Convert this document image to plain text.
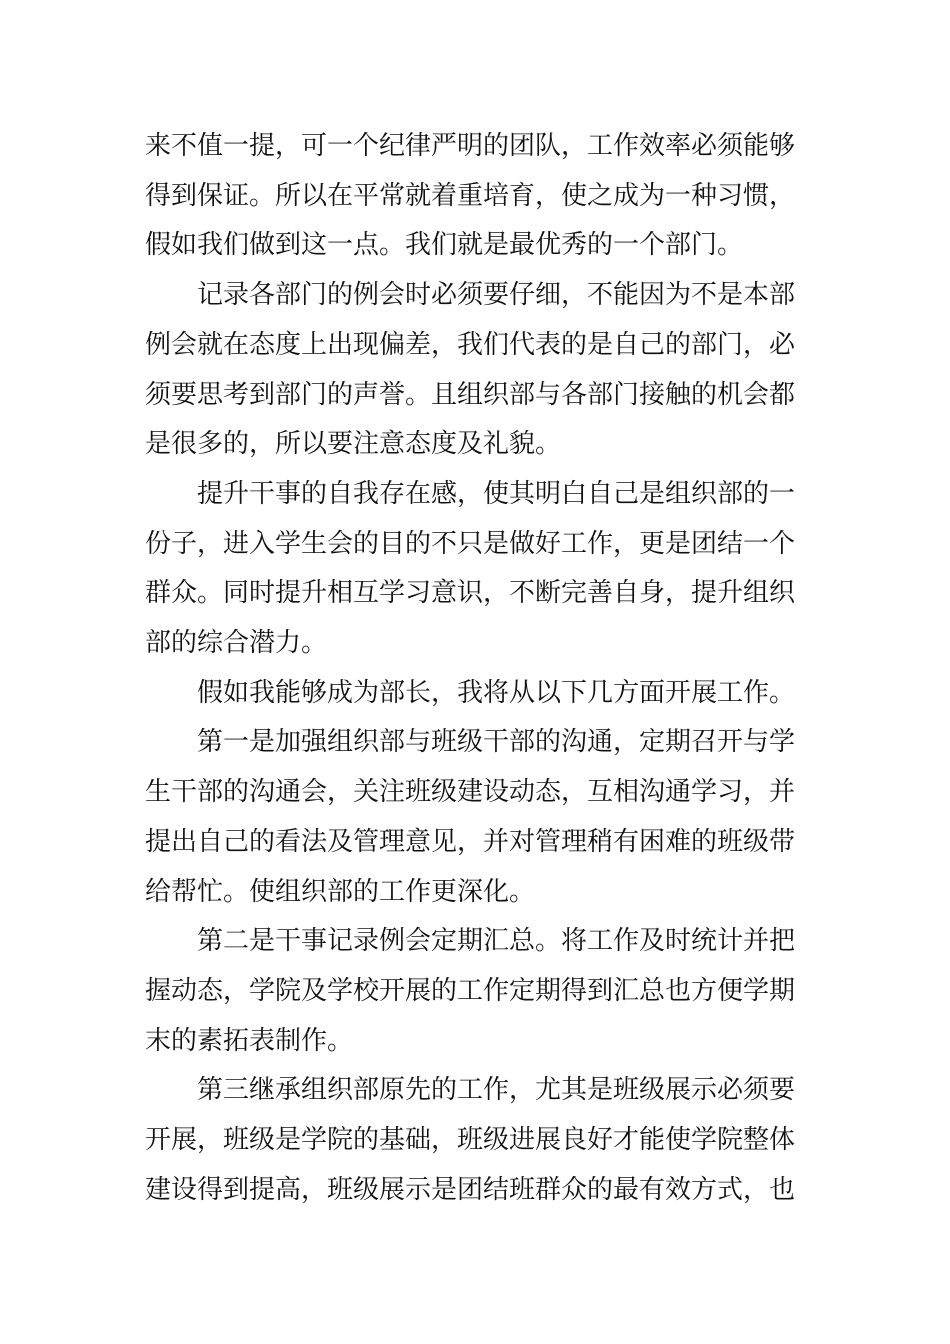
来不值一提，可一个纪律严明的团队，工作效率必须能够
得到保证。所以在平常就着重培育，使之成为一种习惯，
假如我们做到这一点。我们就是最优秀的一个部门。
记录各部门的例会时必须要仔细，不能因为不是本部
例会就在态度上出现偏差，我们代表的是自己的部门，必
须要思考到部门的声誉。且组织部与各部门接触的机会都
是很多的，所以要注意态度及礼貌。
提升干事的自我存在感，使其明白自己是组织部的一
份子，进入学生会的目的不只是做好工作，更是团结一个
群众。同时提升相互学习意识，不断完善自身，提升组织
部的综合潜力。
假如我能够成为部长，我将从以下几方面开展工作。
第一是加强组织部与班级干部的沟通，定期召开与学
生干部的沟通会，关注班级建设动态，互相沟通学习，并
提出自己的看法及管理意见，并对管理稍有困难的班级带
给帮忙。使组织部的工作更深化。
第二是干事记录例会定期汇总。将工作及时统计并把
握动态，学院及学校开展的工作定期得到汇总也方便学期
末的素拓表制作。
第三继承组织部原先的工作，尤其是班级展示必须要
开展，班级是学院的基础，班级进展良好才能使学院整体
建设得到提高，班级展示是团结班群众的最有效方式，也
